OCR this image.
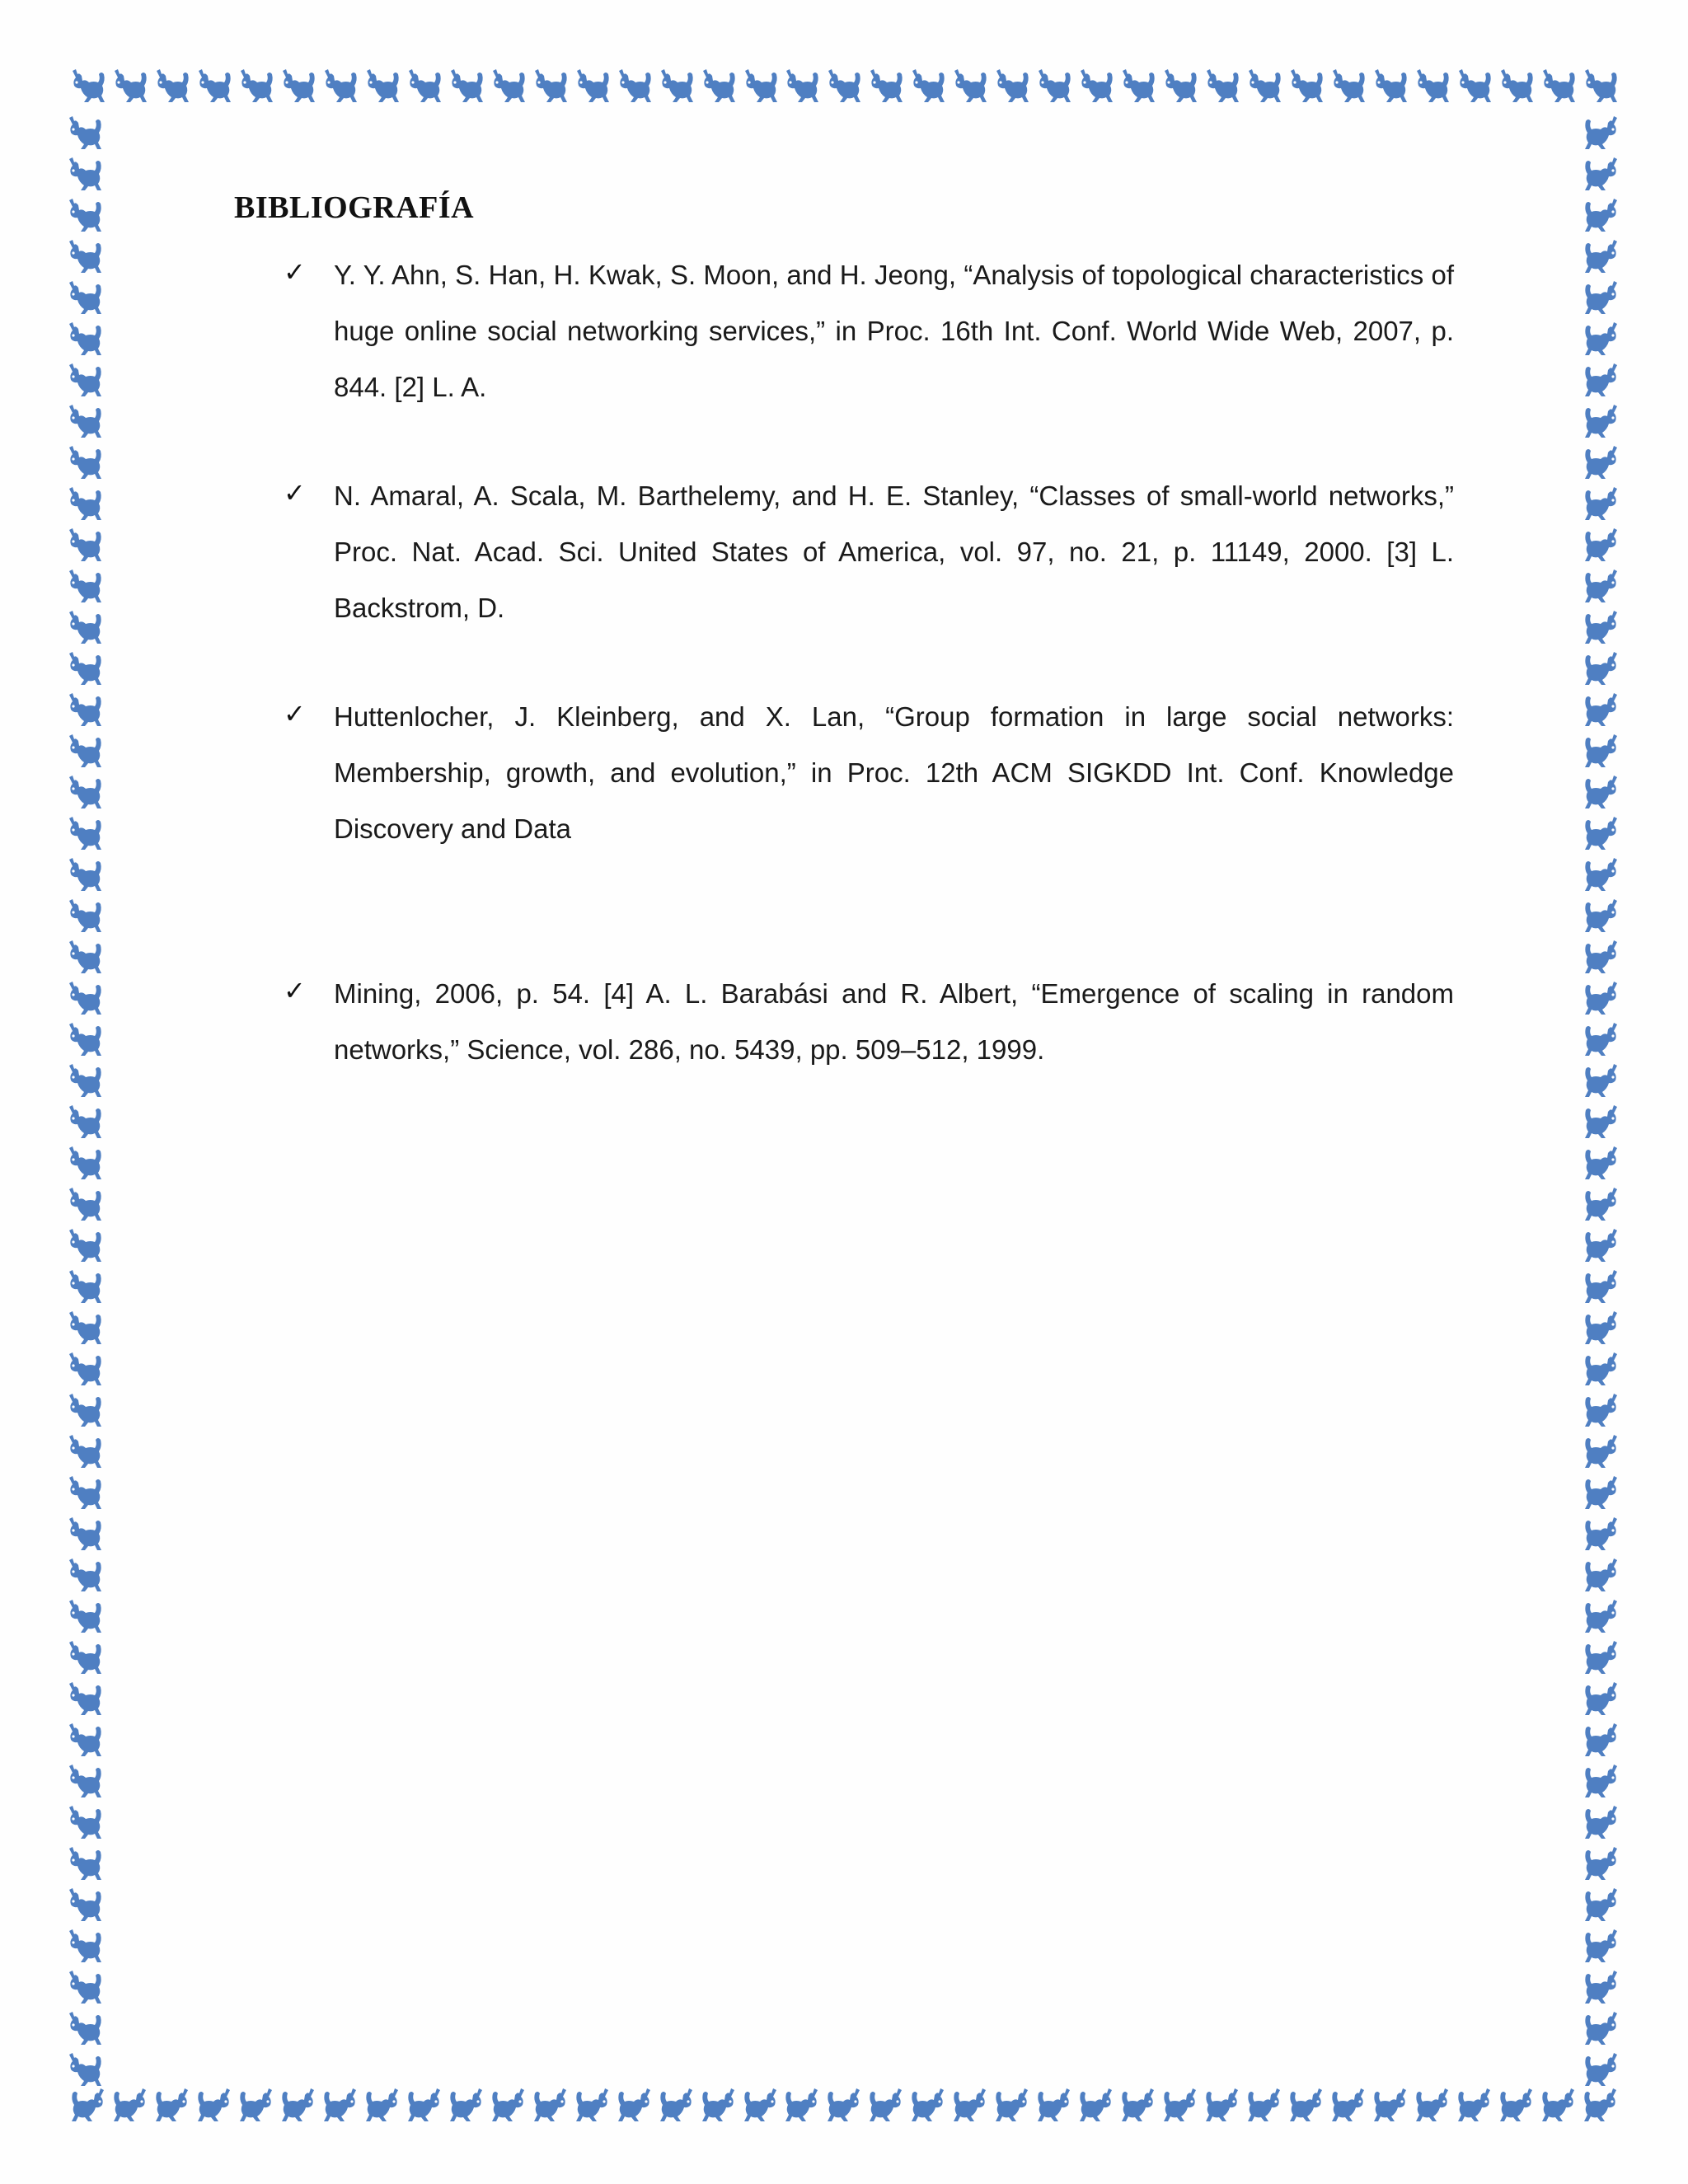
BIBLIOGRAFÍA
✓ Y. Y. Ahn, S. Han, H. Kwak, S. Moon, and H. Jeong, “Analysis of topological characteristics of huge online social networking services,” in Proc. 16th Int. Conf. World Wide Web, 2007, p. 844. [2] L. A.
✓ N. Amaral, A. Scala, M. Barthelemy, and H. E. Stanley, “Classes of small-world networks,” Proc. Nat. Acad. Sci. United States of America, vol. 97, no. 21, p. 11149, 2000. [3] L. Backstrom, D.
✓ Huttenlocher, J. Kleinberg, and X. Lan, “Group formation in large social networks: Membership, growth, and evolution,” in Proc. 12th ACM SIGKDD Int. Conf. Knowledge Discovery and Data
✓ Mining, 2006, p. 54. [4] A. L. Barabási and R. Albert, “Emergence of scaling in random networks,” Science, vol. 286, no. 5439, pp. 509–512, 1999.
